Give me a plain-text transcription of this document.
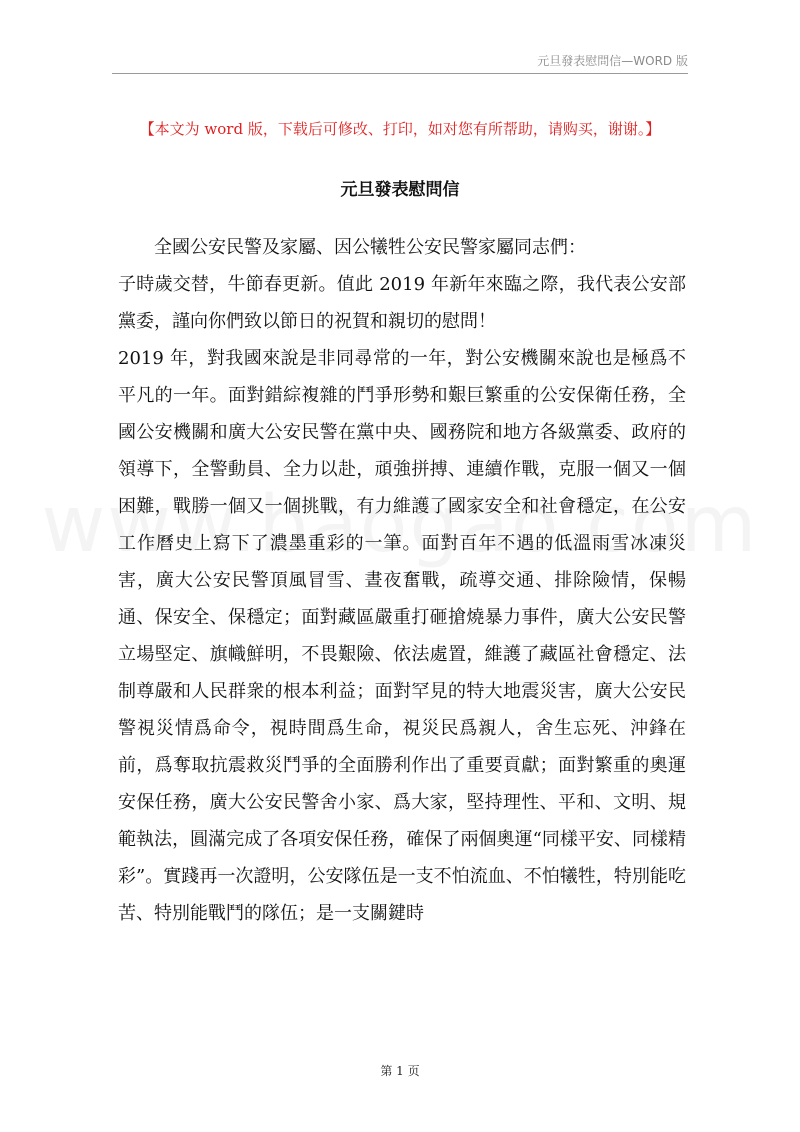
元旦發表慰問信—WORD 版
【本文为 word 版，下载后可修改、打印，如对您有所帮助，请购买，谢谢。】
元旦發表慰問信

全國公安民警及家屬、因公犧牲公安民警家屬同志們：

子時歲交替，牛節春更新。值此 2019 年新年來臨之際，我代表公安部黨委，謹向你們致以節日的祝賀和親切的慰問！

2019 年，對我國來說是非同尋常的一年，對公安機關來說也是極爲不平凡的一年。面對錯綜複雜的鬥爭形勢和艱巨繁重的公安保衛任務，全國公安機關和廣大公安民警在黨中央、國務院和地方各級黨委、政府的領導下，全警動員、全力以赴，頑強拼搏、連續作戰，克服一個又一個困難，戰勝一個又一個挑戰，有力維護了國家安全和社會穩定，在公安工作曆史上寫下了濃墨重彩的一筆。面對百年不遇的低溫雨雪冰凍災害，廣大公安民警頂風冒雪、晝夜奮戰，疏導交通、排除險情，保暢通、保安全、保穩定；面對藏區嚴重打砸搶燒暴力事件，廣大公安民警立場堅定、旗幟鮮明，不畏艱險、依法處置，維護了藏區社會穩定、法制尊嚴和人民群衆的根本利益；面對罕見的特大地震災害，廣大公安民警視災情爲命令，視時間爲生命，視災民爲親人，舍生忘死、沖鋒在前，爲奪取抗震救災鬥爭的全面勝利作出了重要貢獻；面對繁重的奧運安保任務，廣大公安民警舍小家、爲大家，堅持理性、平和、文明、規範執法，圓滿完成了各項安保任務，確保了兩個奧運“同樣平安、同樣精彩”。實踐再一次證明，公安隊伍是一支不怕流血、不怕犧牲，特別能吃苦、特別能戰鬥的隊伍；是一支關鍵時

第 1 页
